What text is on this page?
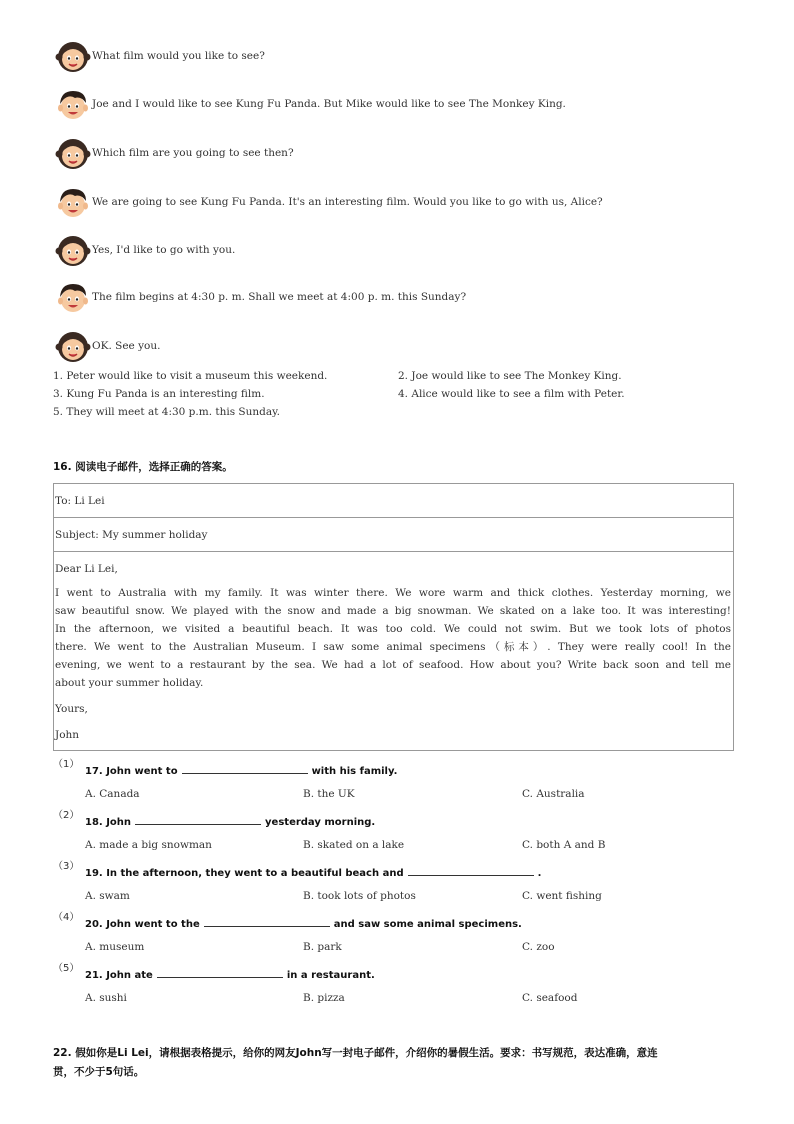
What film would you like to see?
Joe and I would like to see Kung Fu Panda. But Mike would like to see The Monkey King.
Which film are you going to see then?
We are going to see Kung Fu Panda. It's an interesting film. Would you like to go with us, Alice?
Yes, I'd like to go with you.
The film begins at 4:30 p. m. Shall we meet at 4:00 p. m. this Sunday?
OK. See you.
1. Peter would like to visit a museum this weekend.	2. Joe would like to see The Monkey King.
3. Kung Fu Panda is an interesting film.	4. Alice would like to see a film with Peter.
5. They will meet at 4:30 p.m. this Sunday.
16. 阅读电子邮件，选择正确的答案。
To: Li Lei
Subject: My summer holiday

Dear Li Lei,

I went to Australia with my family. It was winter there. We wore warm and thick clothes. Yesterday morning, we
saw beautiful snow. We played with the snow and made a big snowman. We skated on a lake too. It was interesting!
In the afternoon, we visited a beautiful beach. It was too cold. We could not swim. But we took lots of photos
there. We went to the Australian Museum. I saw some animal specimens（标本）. They were really cool! In the
evening, we went to a restaurant by the sea. We had a lot of seafood. How about you? Write back soon and tell me

about your summer holiday.

Yours,

John

（1）
17. John went to	with his family.
A. Canada	B. the UK	C. Australia
（2）
18. John	yesterday morning.
A. made a big snowman	B. skated on a lake	C. both A and B
（3）
19. In the afternoon, they went to a beautiful beach and	.
A. swam	B. took lots of photos	C. went fishing
（4）
20. John went to the	and saw some animal specimens.
A. museum	B. park	C. zoo
（5）
21. John ate	in a restaurant.
A. sushi	B. pizza	C. seafood
22. 假如你是Li Lei，请根据表格提示，给你的网友John写一封电子邮件，介绍你的暑假生活。要求：书写规范，表达准确，意连
贯，不少于5句话。
